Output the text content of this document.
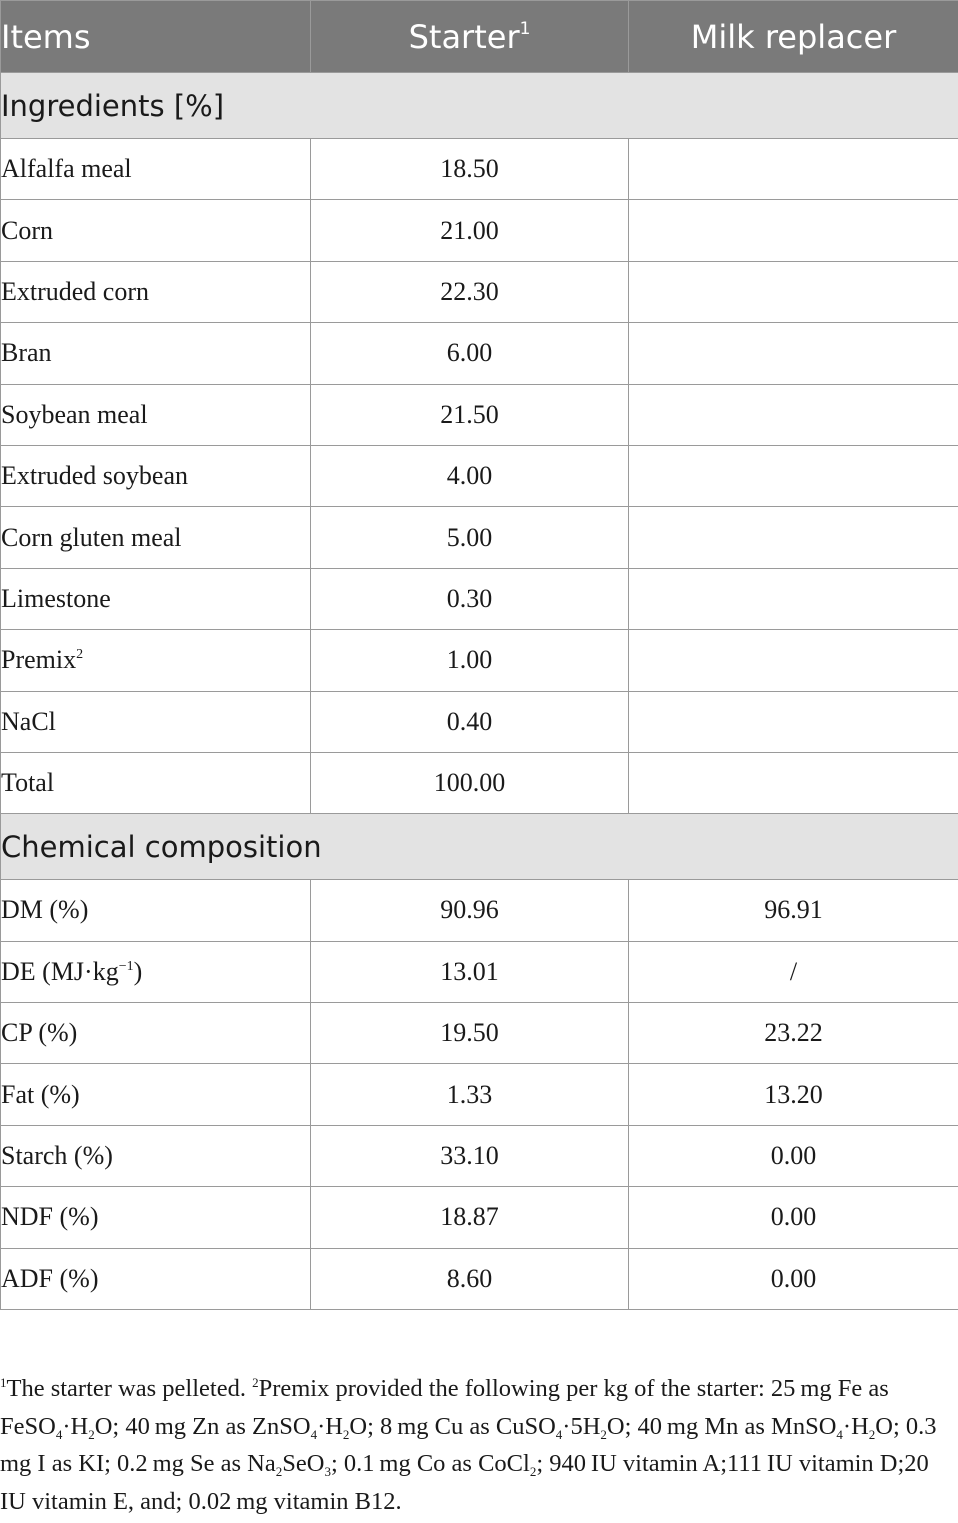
Items	Starter$^1$	Milk replacer
Ingredients [%]		
Alfalfa meal	18.50	
Corn	21.00	
Extruded corn	22.30	
Bran	6.00	
Soybean meal	21.50	
Extruded soybean	4.00	
Corn gluten meal	5.00	
Limestone	0.30	
Premix$^2$	1.00	
NaCl	0.40	
Total	100.00	
Chemical composition		
DM (%)	90.96	96.91
DE $(MJ\cdot kg^{-1})$	13.01	/
CP (%)	19.50	23.22
Fat (%)	1.33	13.20
Starch (%)	33.10	0.00
NDF (%)	18.87	0.00
ADF (%)	8.60	0.00
$^1$The starter was pelleted. $^2$Premix provided the following per kg of the starter: 25 mg Fe as $FeSO_4\cdot H_2O$; 40 mg Zn as $ZnSO_4\cdot H_2O$; 8 mg Cu as $CuSO_4\cdot 5H_2O$; 40 mg Mn as $MnSO_4\cdot H_2O$; 0.3 mg I as KI; 0.2 mg Se as $Na_2SeO_3$; 0.1 mg Co as CoCl$_2$; 940 IU vitamin A;111 IU vitamin D;20 IU vitamin E, and; 0.02 mg vitamin B12.
